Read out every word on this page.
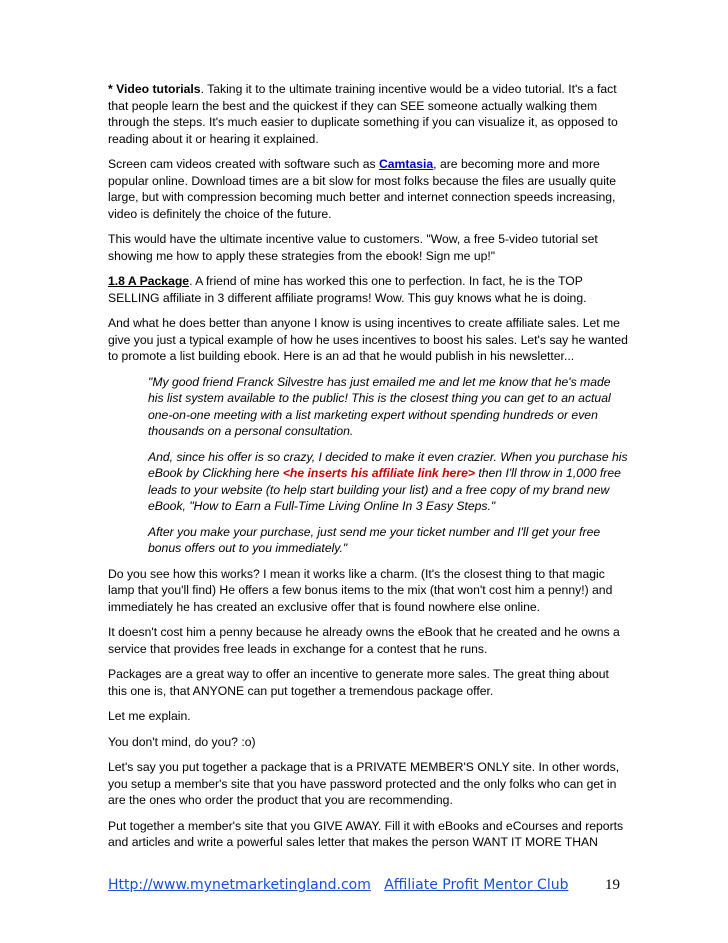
* Video tutorials. Taking it to the ultimate training incentive would be a video tutorial. It's a fact that people learn the best and the quickest if they can SEE someone actually walking them through the steps. It's much easier to duplicate something if you can visualize it, as opposed to reading about it or hearing it explained.

Screen cam videos created with software such as Camtasia, are becoming more and more popular online. Download times are a bit slow for most folks because the files are usually quite large, but with compression becoming much better and internet connection speeds increasing, video is definitely the choice of the future.

This would have the ultimate incentive value to customers. "Wow, a free 5-video tutorial set showing me how to apply these strategies from the ebook! Sign me up!"

1.8 A Package. A friend of mine has worked this one to perfection. In fact, he is the TOP SELLING affiliate in 3 different affiliate programs! Wow. This guy knows what he is doing.

And what he does better than anyone I know is using incentives to create affiliate sales. Let me give you just a typical example of how he uses incentives to boost his sales. Let's say he wanted to promote a list building ebook. Here is an ad that he would publish in his newsletter...

"My good friend Franck Silvestre has just emailed me and let me know that he's made his list system available to the public! This is the closest thing you can get to an actual one-on-one meeting with a list marketing expert without spending hundreds or even thousands on a personal consultation.

And, since his offer is so crazy, I decided to make it even crazier. When you purchase his eBook by Clickhing here <he inserts his affiliate link here> then I'll throw in 1,000 free leads to your website (to help start building your list) and a free copy of my brand new eBook, "How to Earn a Full-Time Living Online In 3 Easy Steps."

After you make your purchase, just send me your ticket number and I'll get your free bonus offers out to you immediately."

Do you see how this works? I mean it works like a charm. (It's the closest thing to that magic lamp that you'll find) He offers a few bonus items to the mix (that won't cost him a penny!) and immediately he has created an exclusive offer that is found nowhere else online.

It doesn't cost him a penny because he already owns the eBook that he created and he owns a service that provides free leads in exchange for a contest that he runs.

Packages are a great way to offer an incentive to generate more sales. The great thing about this one is, that ANYONE can put together a tremendous package offer.

Let me explain.

You don't mind, do you? :o)

Let's say you put together a package that is a PRIVATE MEMBER'S ONLY site. In other words, you setup a member's site that you have password protected and the only folks who can get in are the ones who order the product that you are recommending.

Put together a member's site that you GIVE AWAY. Fill it with eBooks and eCourses and reports and articles and write a powerful sales letter that makes the person WANT IT MORE THAN

Http://www.mynetmarketingland.com Affiliate Profit Mentor Club 19
